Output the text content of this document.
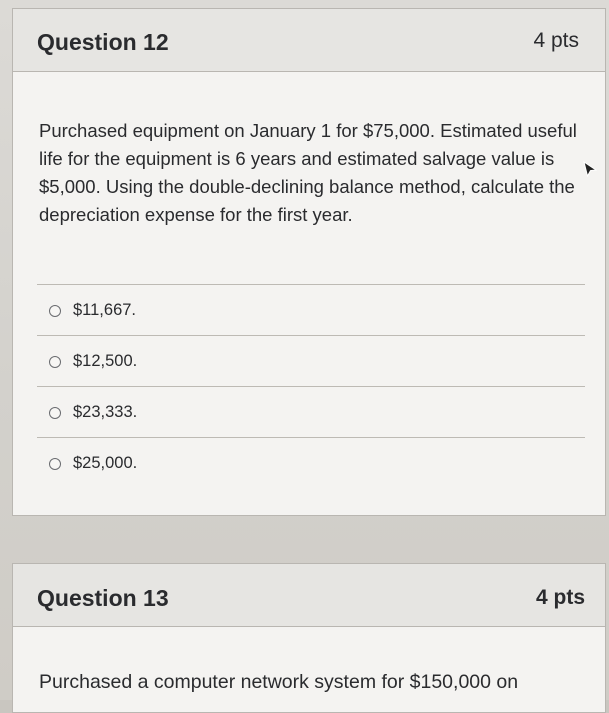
Question 12	4 pts

Purchased equipment on January 1 for $75,000. Estimated useful life for the equipment is 6 years and estimated salvage value is $5,000. Using the double-declining balance method, calculate the depreciation expense for the first year.

$11,667.
$12,500.
$23,333.
$25,000.
Question 13	4 pts

Purchased a computer network system for $150,000 on
